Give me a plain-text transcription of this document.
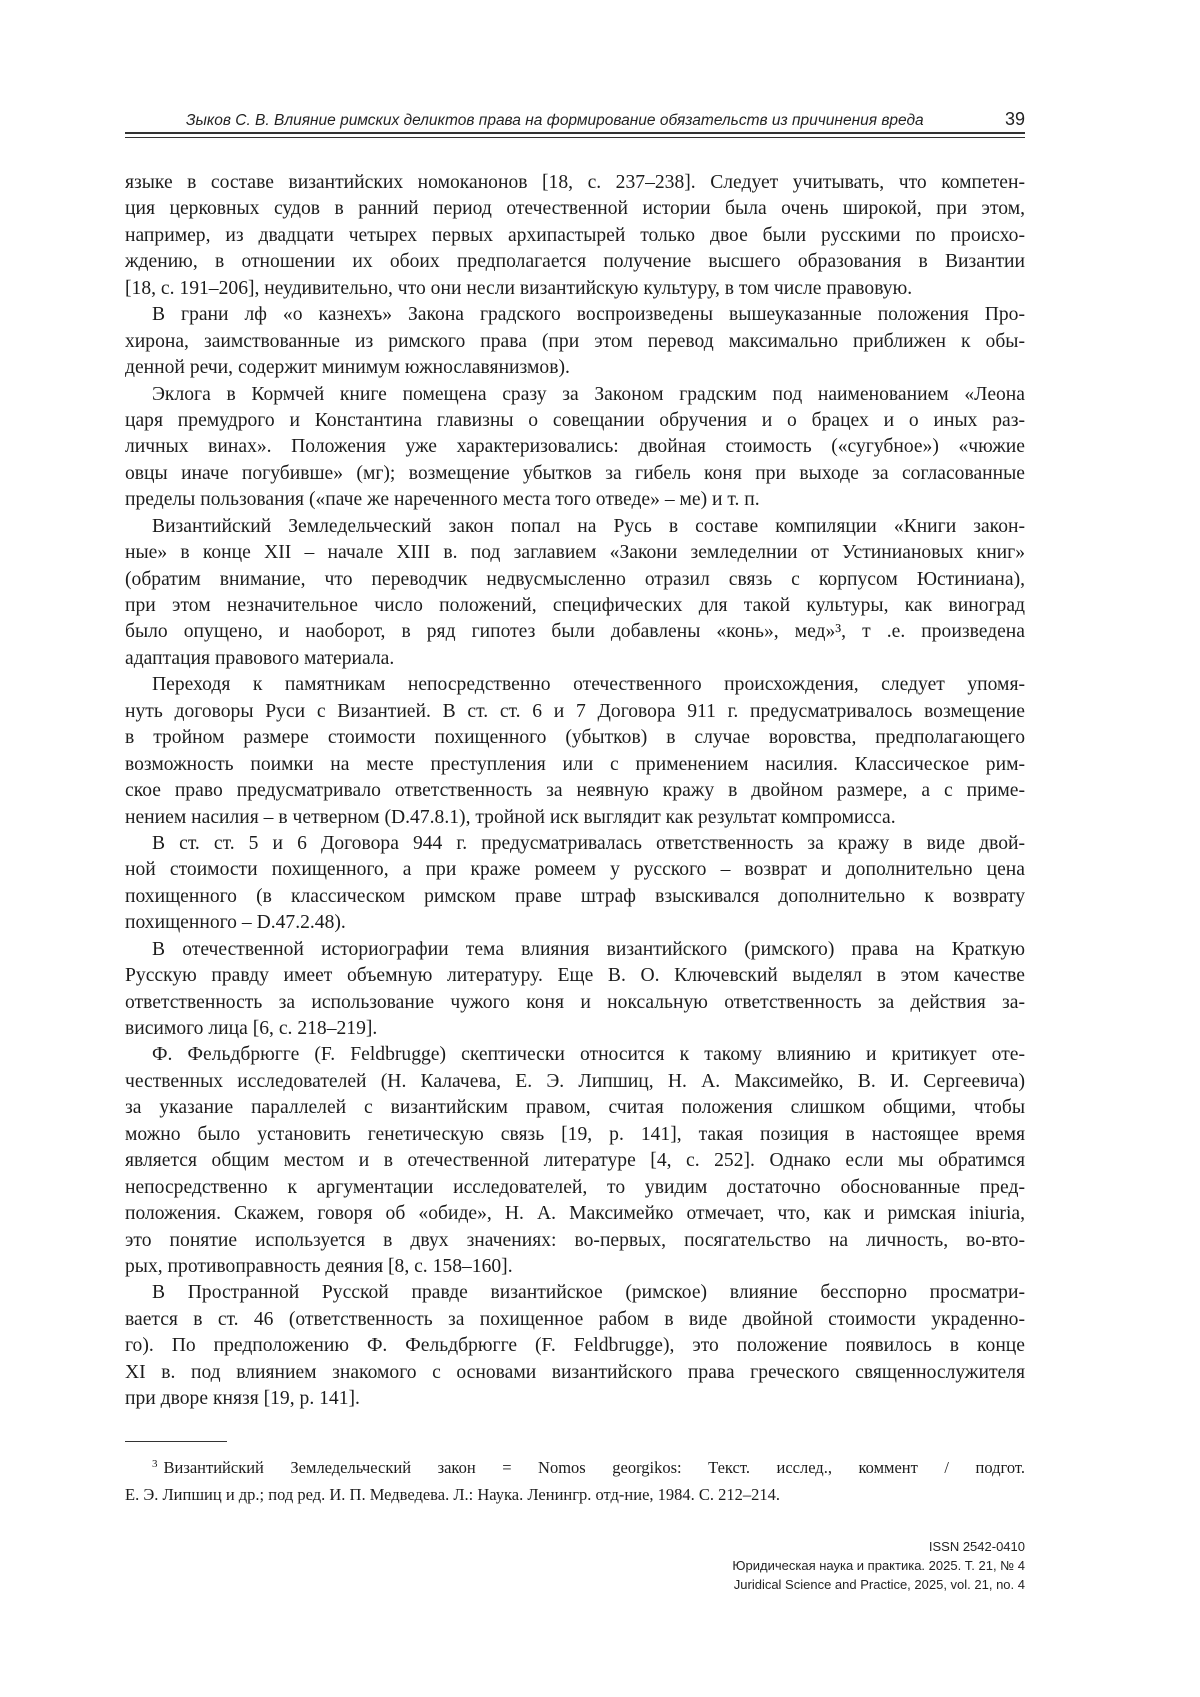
Зыков С. В. Влияние римских деликтов права на формирование обязательств из причинения вреда	39
языке в составе византийских номоканонов [18, с. 237–238]. Следует учитывать, что компетен-
ция церковных судов в ранний период отечественной истории была очень широкой, при этом,
например, из двадцати четырех первых архипастырей только двое были русскими по происхо-
ждению, в отношении их обоих предполагается получение высшего образования в Византии
[18, с. 191–206], неудивительно, что они несли византийскую культуру, в том числе правовую.
В грани лф «о казнехъ» Закона градского воспроизведены вышеуказанные положения Про-
хирона, заимствованные из римского права (при этом перевод максимально приближен к обы-
денной речи, содержит минимум южнославянизмов).
Эклога в Кормчей книге помещена сразу за Законом градским под наименованием «Леона
царя премудрого и Константина главизны о совещании обручения и о брацех и о иных раз-
личных винах». Положения уже характеризовались: двойная стоимость («сугубное») «чюжие
овцы иначе погубивше» (мг); возмещение убытков за гибель коня при выходе за согласованные
пределы пользования («паче же нареченного места того отведе» – ме) и т. п.
Византийский Земледельческий закон попал на Русь в составе компиляции «Книги закон-
ные» в конце XII – начале XIII в. под заглавием «Закони земледелнии от Устиниановых книг»
(обратим внимание, что переводчик недвусмысленно отразил связь с корпусом Юстиниана),
при этом незначительное число положений, специфических для такой культуры, как виноград
было опущено, и наоборот, в ряд гипотез были добавлены «конь», мед»³, т .е. произведена
адаптация правового материала.
Переходя к памятникам непосредственно отечественного происхождения, следует упомя-
нуть договоры Руси с Византией. В ст. ст. 6 и 7 Договора 911 г. предусматривалось возмещение
в тройном размере стоимости похищенного (убытков) в случае воровства, предполагающего
возможность поимки на месте преступления или с применением насилия. Классическое рим-
ское право предусматривало ответственность за неявную кражу в двойном размере, а с приме-
нением насилия – в четверном (D.47.8.1), тройной иск выглядит как результат компромисса.
В ст. ст. 5 и 6 Договора 944 г. предусматривалась ответственность за кражу в виде двой-
ной стоимости похищенного, а при краже ромеем у русского – возврат и дополнительно цена
похищенного (в классическом римском праве штраф взыскивался дополнительно к возврату
похищенного – D.47.2.48).
В отечественной историографии тема влияния византийского (римского) права на Краткую
Русскую правду имеет объемную литературу. Еще В. О. Ключевский выделял в этом качестве
ответственность за использование чужого коня и ноксальную ответственность за действия за-
висимого лица [6, с. 218–219].
Ф. Фельдбрюгге (F. Feldbrugge) скептически относится к такому влиянию и критикует оте-
чественных исследователей (Н. Калачева, Е. Э. Липшиц, Н. А. Максимейко, В. И. Сергеевича)
за указание параллелей с византийским правом, считая положения слишком общими, чтобы
можно было установить генетическую связь [19, p. 141], такая позиция в настоящее время
является общим местом и в отечественной литературе [4, с. 252]. Однако если мы обратимся
непосредственно к аргументации исследователей, то увидим достаточно обоснованные пред-
положения. Скажем, говоря об «обиде», Н. А. Максимейко отмечает, что, как и римская iniuria,
это понятие используется в двух значениях: во-первых, посягательство на личность, во-вто-
рых, противоправность деяния [8, с. 158–160].
В Пространной Русской правде византийское (римское) влияние бесспорно просматри-
вается в ст. 46 (ответственность за похищенное рабом в виде двойной стоимости украденно-
го). По предположению Ф. Фельдбрюгге (F. Feldbrugge), это положение появилось в конце
XI в. под влиянием знакомого с основами византийского права греческого священнослужителя
при дворе князя [19, p. 141].
$^3$ Византийский Земледельческий закон = Nomos georgikos: Текст. исслед., коммент / подгот.
Е. Э. Липшиц и др.; под ред. И. П. Медведева. Л.: Наука. Ленингр. отд-ние, 1984. С. 212–214.
ISSN 2542-0410
Юридическая наука и практика. 2025. Т. 21, № 4
Juridical Science and Practice, 2025, vol. 21, no. 4
